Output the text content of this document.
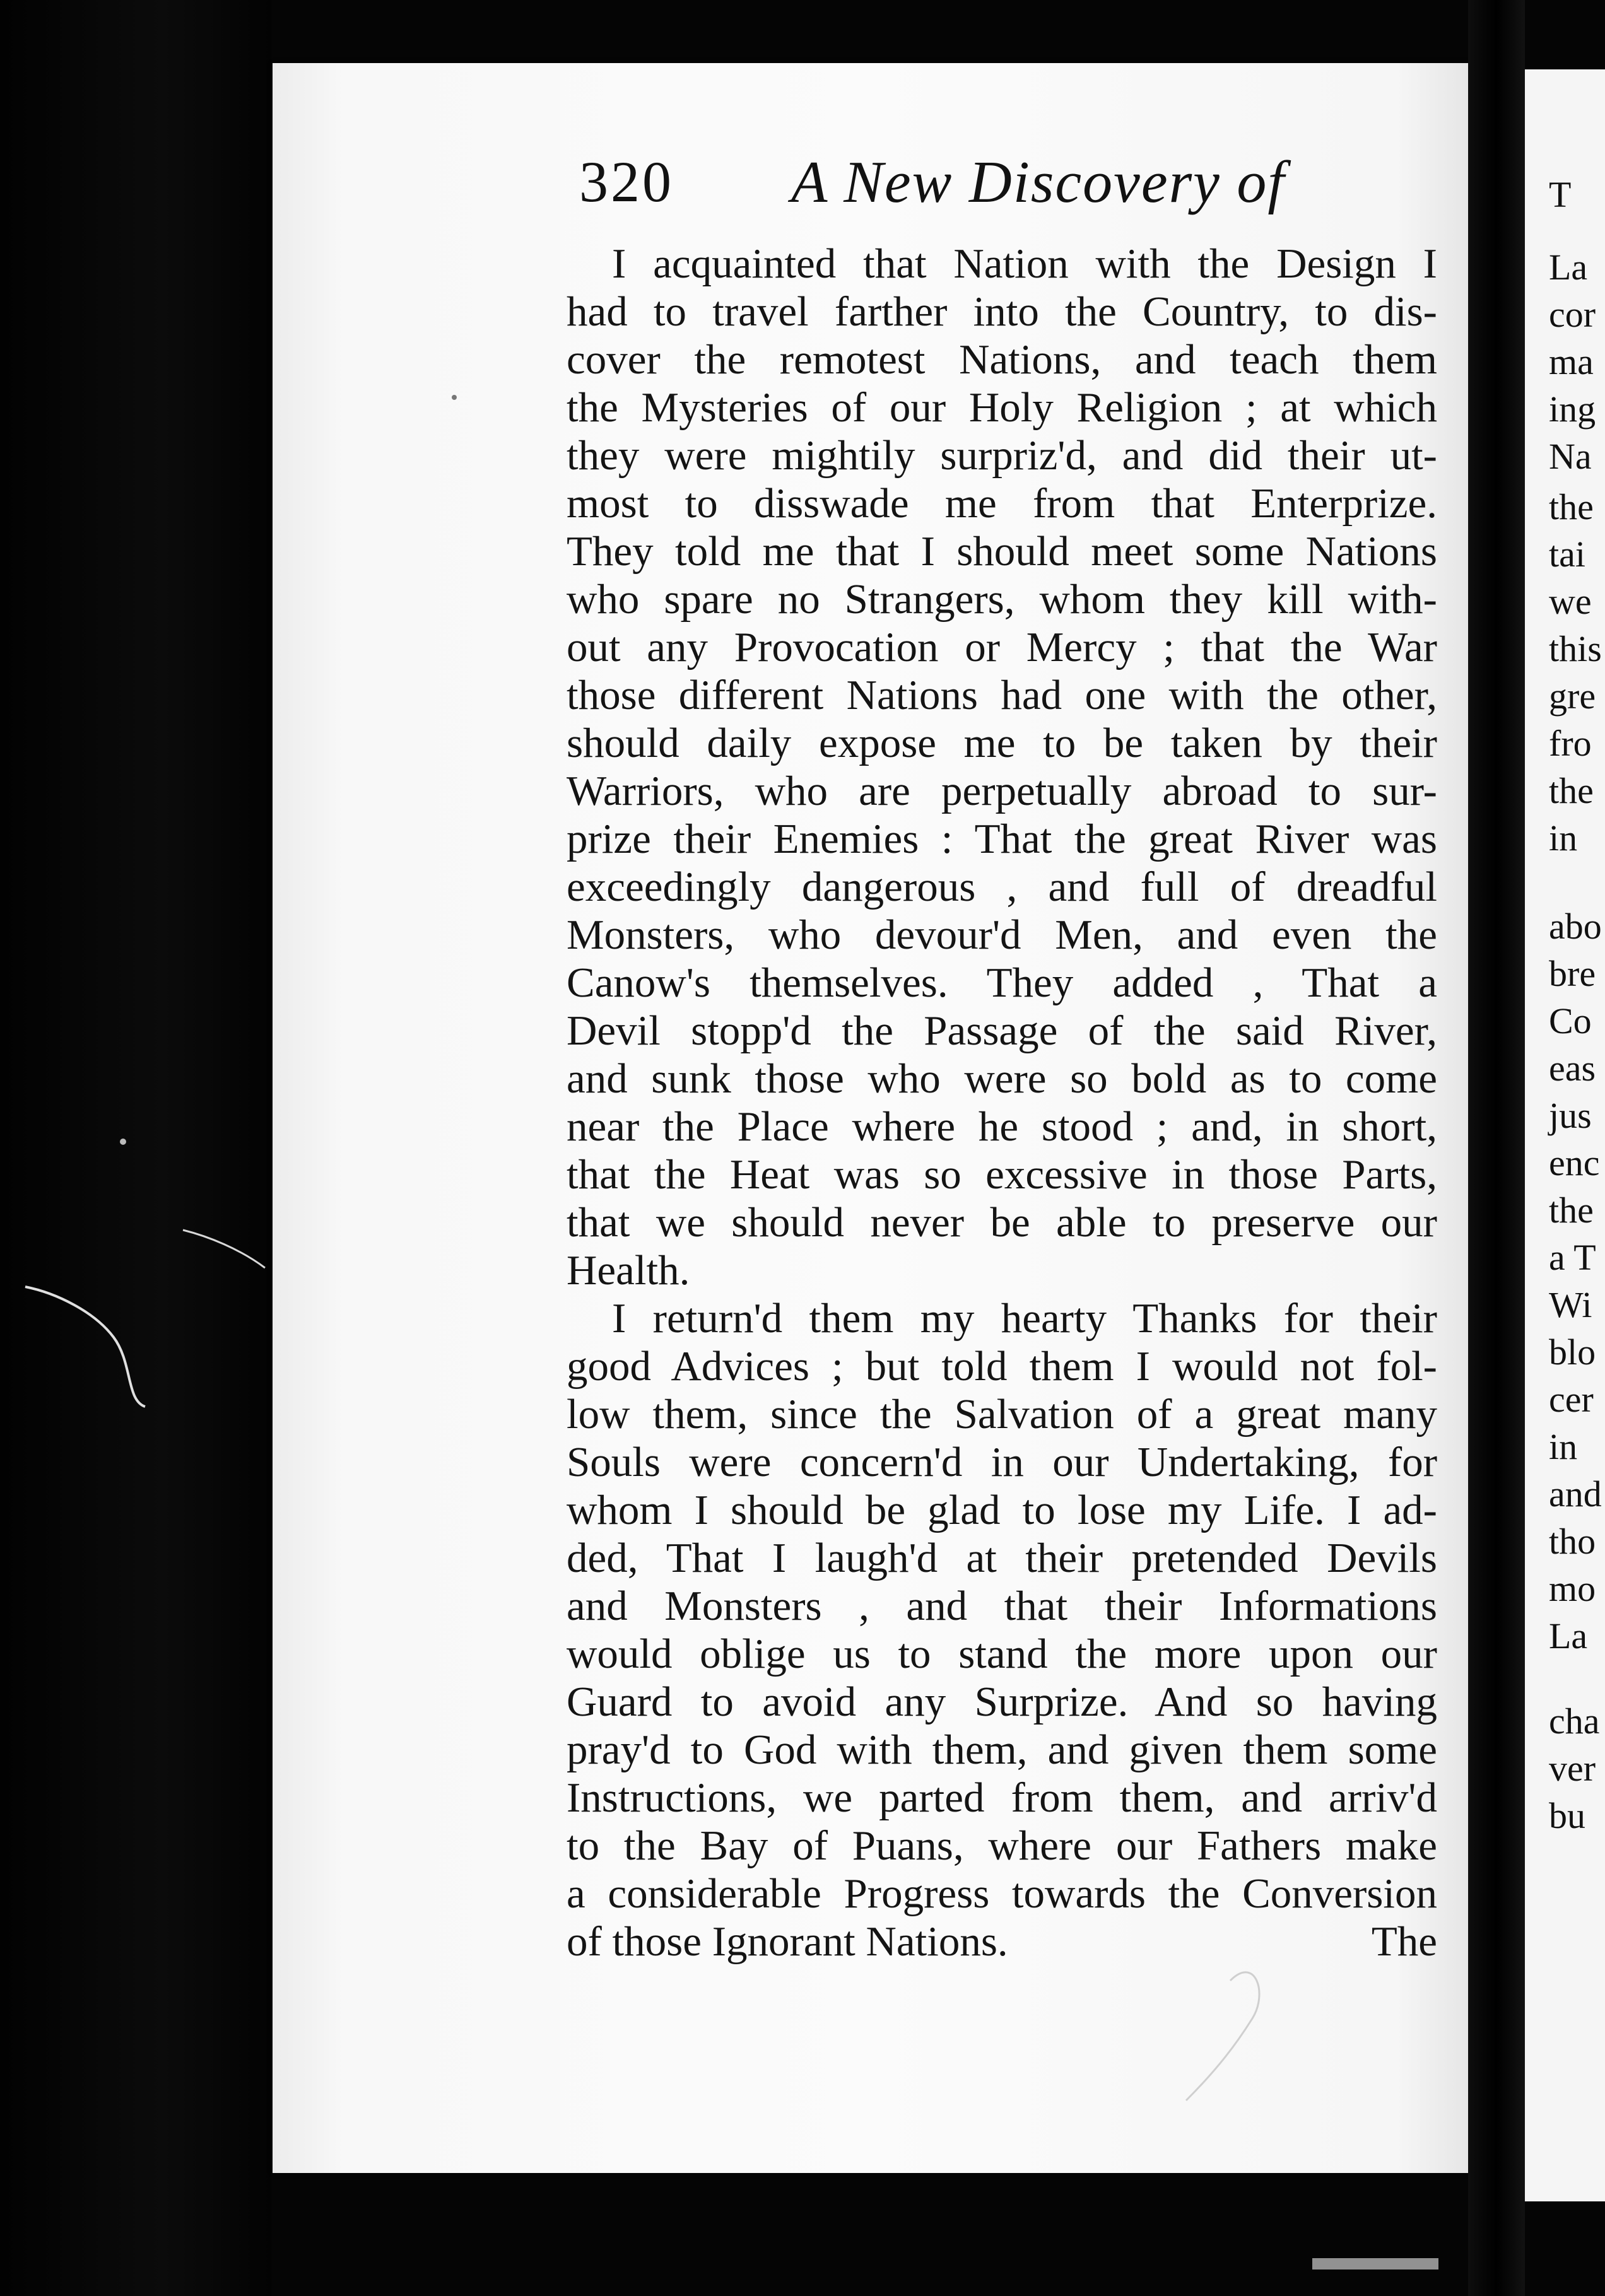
320 A New Discovery of
I acquainted that Nation with the Design I
had to travel farther into the Country, to dis-
cover the remotest Nations, and teach them
the Mysteries of our Holy Religion ; at which
they were mightily surpriz'd, and did their ut-
most to disswade me from that Enterprize.
They told me that I should meet some Nations
who spare no Strangers, whom they kill with-
out any Provocation or Mercy ; that the War
those different Nations had one with the other,
should daily expose me to be taken by their
Warriors, who are perpetually abroad to sur-
prize their Enemies : That the great River was
exceedingly dangerous , and full of dreadful
Monsters, who devour'd Men, and even the
Canow's themselves. They added , That a
Devil stopp'd the Passage of the said River,
and sunk those who were so bold as to come
near the Place where he stood ; and, in short,
that the Heat was so excessive in those Parts,
that we should never be able to preserve our
Health.
I return'd them my hearty Thanks for their
good Advices ; but told them I would not fol-
low them, since the Salvation of a great many
Souls were concern'd in our Undertaking, for
whom I should be glad to lose my Life. I ad-
ded, That I laugh'd at their pretended Devils
and Monsters , and that their Informations
would oblige us to stand the more upon our
Guard to avoid any Surprize. And so having
pray'd to God with them, and given them some
Instructions, we parted from them, and arriv'd
to the Bay of Puans, where our Fathers make
a considerable Progress towards the Conversion
of those Ignorant Nations.	The
T
La
cor
ma
ing
Na
the
tai
we
this
gre
fro
the
in
abo
bre
Co
eas
jus
enc
the
a T
Wi
blo
cer
in
and
tho
mo
La
cha
ver
bu
